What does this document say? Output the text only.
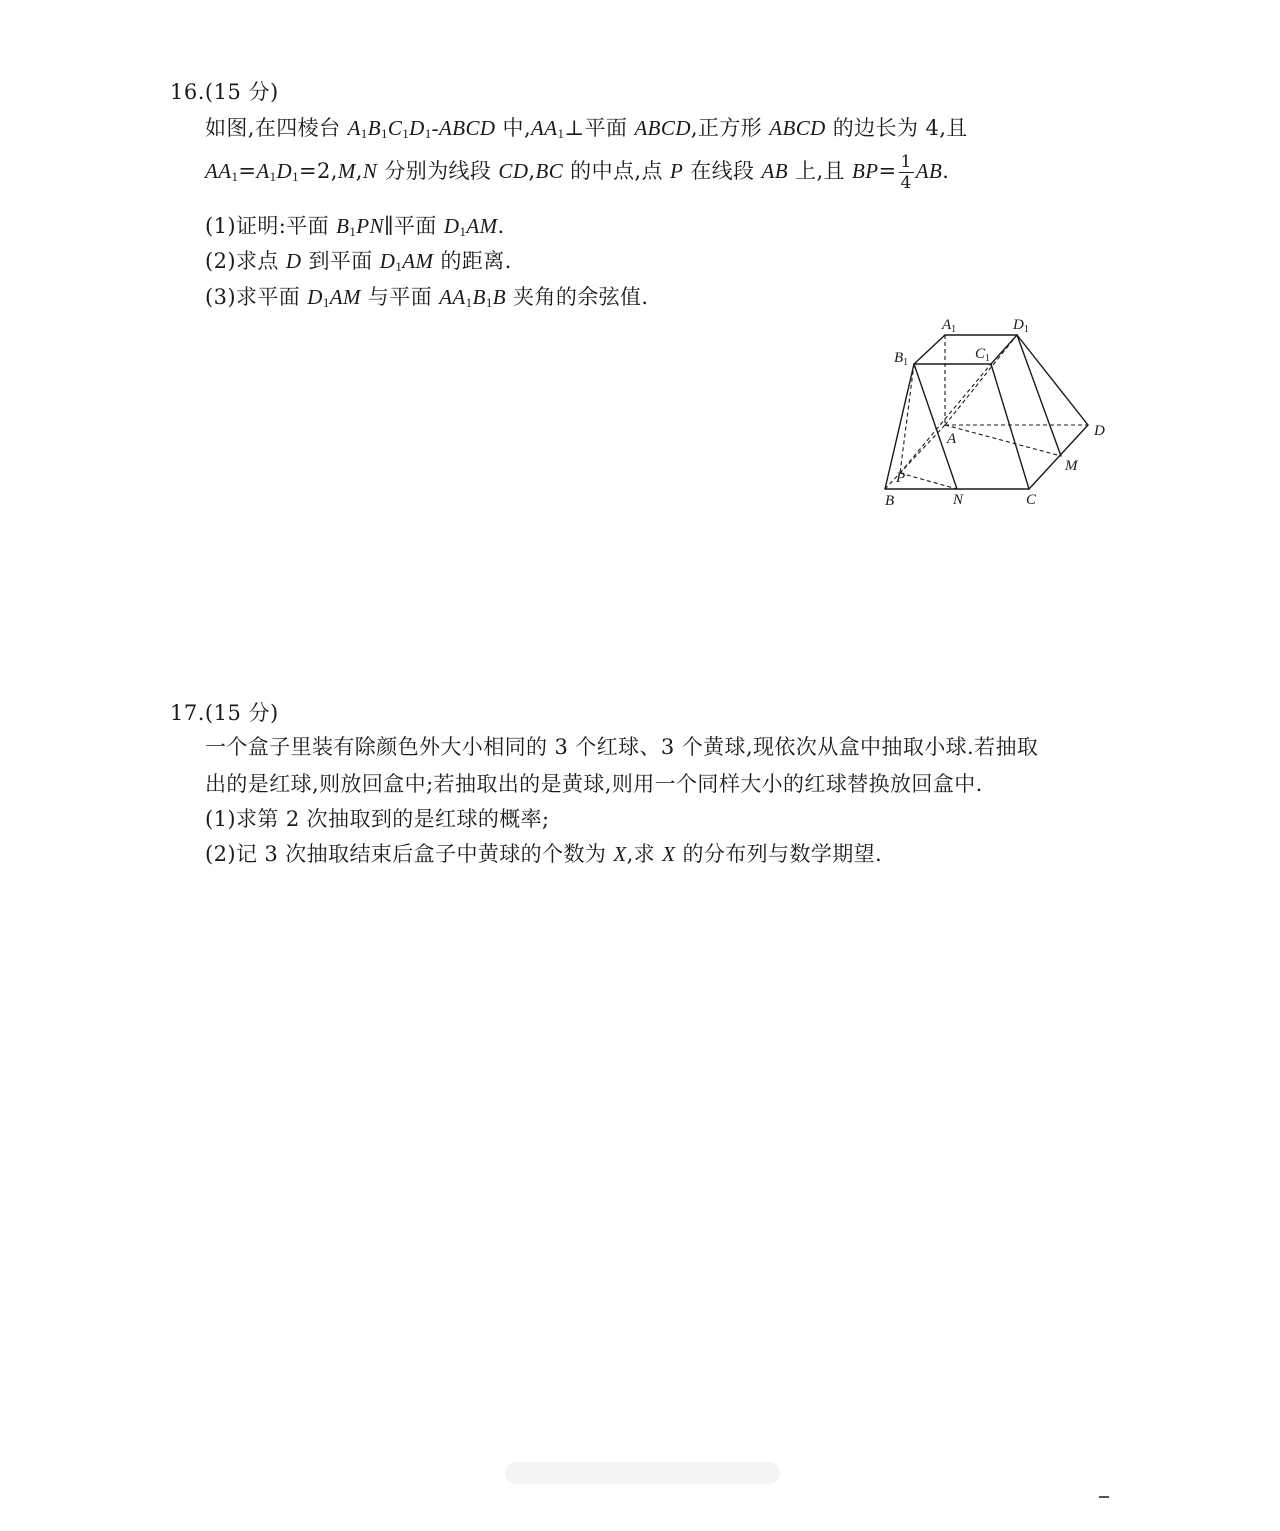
16.(15 分)
如图,在四棱台 $A_1B_1C_1D_1$-ABCD 中$,AA_1\perp$平面 ABCD,正方形 ABCD 的边长为 4,且
$AA_1=A_1D_1=2,M,N$ 分别为线段 CD,BC 的中点,点 P 在线段 AB 上,且 $BP= \frac{1}{4}$ AB.
(1)证明:平面 $B_1PN\parallel$平面 $D_1AM$.
(2)求点 D 到平面 $D_1AM$ 的距离.
(3)求平面 $D_1AM$ 与平面 $AA_1B_1B$ 夹角的余弦值.
$A_1$	$D_1$
$B_1$
$C_1$
A	D
M
P
B	N	C
17.(15 分)
一个盒子里装有除颜色外大小相同的 3 个红球、3 个黄球,现依次从盒中抽取小球.若抽取
出的是红球,则放回盒中;若抽取出的是黄球,则用一个同样大小的红球替换放回盒中.
(1)求第 2 次抽取到的是红球的概率;
(2)记 3 次抽取结束后盒子中黄球的个数为 X,求 X 的分布列与数学期望.
